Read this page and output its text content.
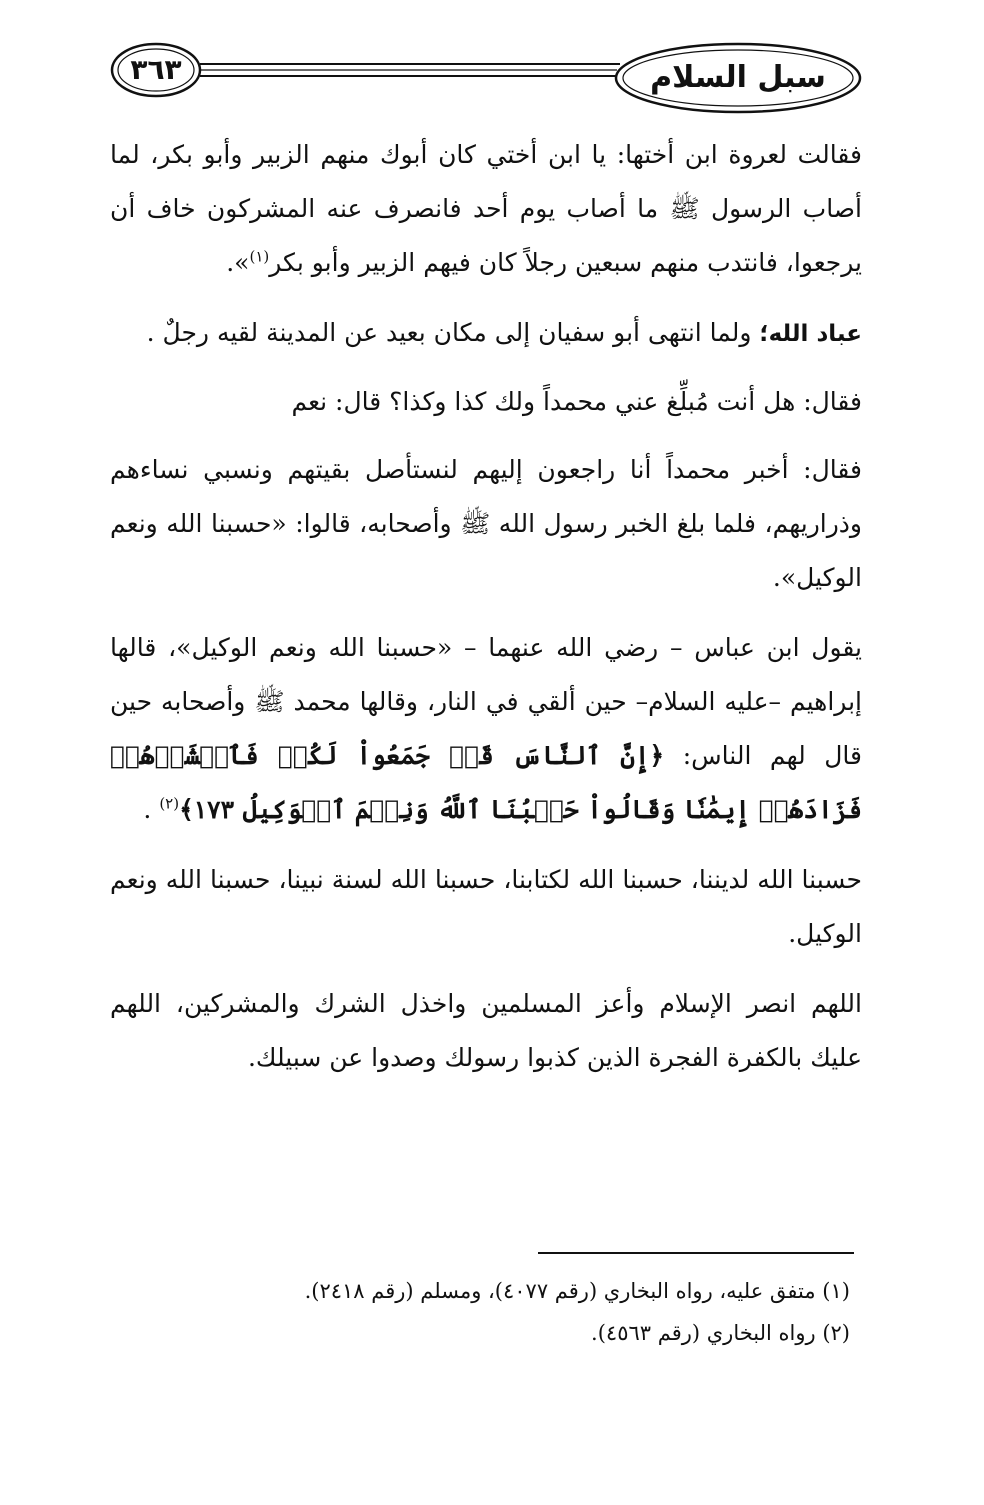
سبل السلام
٣٦٣

فقالت لعروة ابن أختها: يا ابن أختي كان أبوك منهم الزبير وأبو بكر، لما أصاب الرسول ﷺ ما أصاب يوم أحد فانصرف عنه المشركون خاف أن يرجعوا، فانتدب منهم سبعين رجلاً كان فيهم الزبير وأبو بكر$^{(١)}$».

عباد الله؛ ولما انتهى أبو سفيان إلى مكان بعيد عن المدينة لقيه رجلٌ .

فقال: هل أنت مُبلِّغ عني محمداً ولك كذا وكذا؟ قال: نعم

فقال: أخبر محمداً أنا راجعون إليهم لنستأصل بقيتهم ونسبي نساءهم وذراريهم، فلما بلغ الخبر رسول الله ﷺ وأصحابه، قالوا: «حسبنا الله ونعم الوكيل».

يقول ابن عباس – رضي الله عنهما – «حسبنا الله ونعم الوكيل»، قالها إبراهيم –عليه السلام– حين ألقي في النار، وقالها محمد ﷺ وأصحابه حين قال لهم الناس: ﴿إِنَّ ٱلنَّاسَ قَدۡ جَمَعُواْ لَكُمۡ فَٱخۡشَوۡهُمۡ فَزَادَهُمۡ إِيمَٰنٗا وَقَالُواْ حَسۡبُنَا ٱللَّهُ وَنِعۡمَ ٱلۡوَكِيلُ ١٧٣﴾$^{(٢)}$ .

حسبنا الله لديننا، حسبنا الله لكتابنا، حسبنا الله لسنة نبينا، حسبنا الله ونعم الوكيل.

اللهم انصر الإسلام وأعز المسلمين واخذل الشرك والمشركين، اللهم عليك بالكفرة الفجرة الذين كذبوا رسولك وصدوا عن سبيلك.

(١) متفق عليه، رواه البخاري (رقم ٤٠٧٧)، ومسلم (رقم ٢٤١٨).

(٢) رواه البخاري (رقم ٤٥٦٣).
